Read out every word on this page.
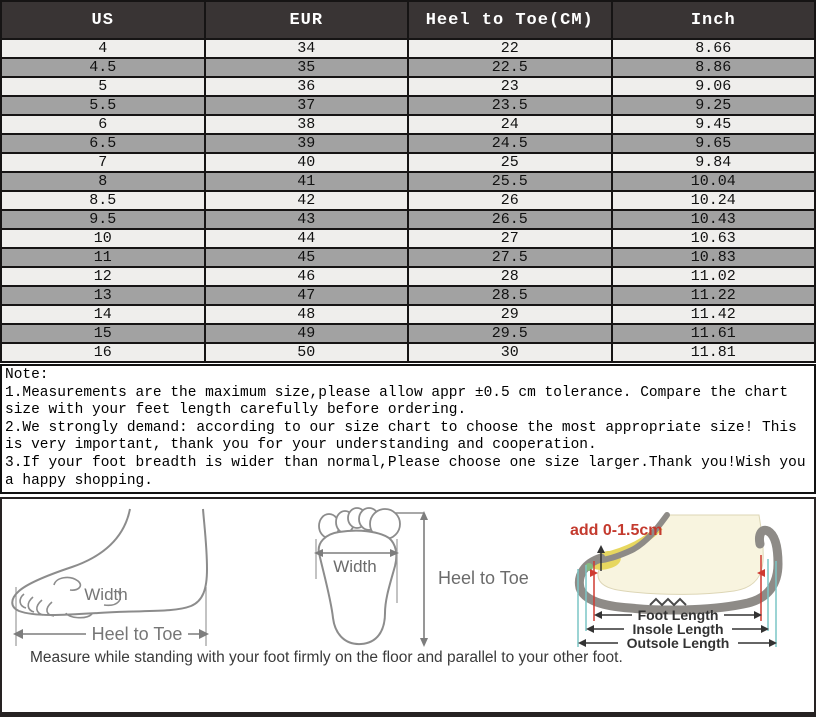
US	EUR	Heel to Toe(CM)	Inch
4	34	22	8.66
4.5	35	22.5	8.86
5	36	23	9.06
5.5	37	23.5	9.25
6	38	24	9.45
6.5	39	24.5	9.65
7	40	25	9.84
8	41	25.5	10.04
8.5	42	26	10.24
9.5	43	26.5	10.43
10	44	27	10.63
11	45	27.5	10.83
12	46	28	11.02
13	47	28.5	11.22
14	48	29	11.42
15	49	29.5	11.61
16	50	30	11.81
Note:

1.Measurements are the maximum size,please allow appr ±0.5 cm tolerance. Compare the chart size with your feet length carefully before ordering.

2.We strongly demand: according to our size chart to choose the most appropriate size! This is very important, thank you for your understanding and cooperation.

3.If your foot breadth is wider than normal,Please choose one size larger.Thank you!Wish you a happy shopping.

Width
Heel to Toe
Width
Heel to Toe
add 0-1.5cm
Foot Length
Insole Length
Outsole Length
Measure while standing with your foot firmly on the floor and parallel to your other foot.
